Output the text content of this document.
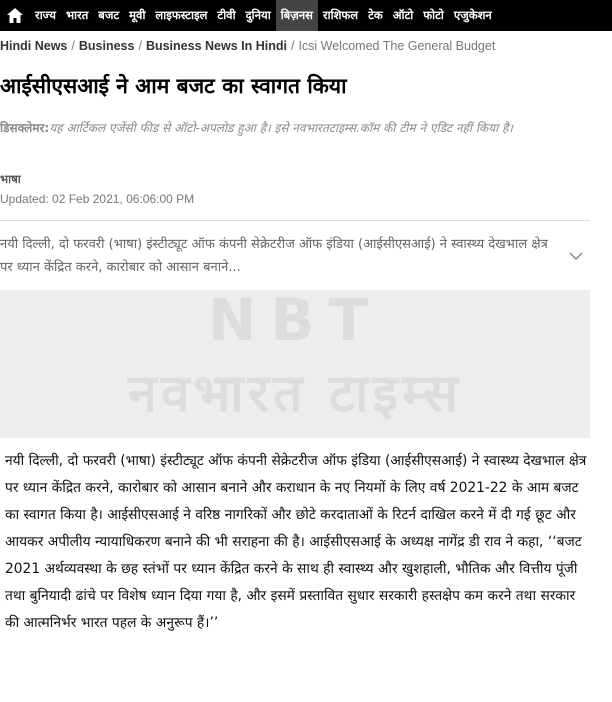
राज्य भारत बजट मूवी लाइफस्टाइल टीवी दुनिया बिज़नस राशिफल टेक ऑटो फोटो एजुकेशन
Hindi News / Business / Business News In Hindi / Icsi Welcomed The General Budget
आईसीएसआई ने आम बजट का स्वागत किया
डिसक्लेमर:यह आर्टिकल एजेंसी फीड से ऑटो-अपलोड हुआ है। इसे नवभारतटाइम्स.कॉम की टीम ने एडिट नहीं किया है।
भाषा
Updated: 02 Feb 2021, 06:06:00 PM
नयी दिल्ली, दो फरवरी (भाषा) इंस्टीट्यूट ऑफ कंपनी सेक्रेटरीज ऑफ इंडिया (आईसीएसआई) ने स्वास्थ्य देखभाल क्षेत्र पर ध्यान केंद्रित करने, कारोबार को आसान बनाने...
NBT
नवभारत टाइम्स
नयी दिल्ली, दो फरवरी (भाषा) इंस्टीट्यूट ऑफ कंपनी सेक्रेटरीज ऑफ इंडिया (आईसीएसआई) ने स्वास्थ्य देखभाल क्षेत्र पर ध्यान केंद्रित करने, कारोबार को आसान बनाने और कराधान के नए नियमों के लिए वर्ष 2021-22 के आम बजट का स्वागत किया है। आईसीएसआई ने वरिष्ठ नागरिकों और छोटे करदाताओं के रिटर्न दाखिल करने में दी गई छूट और आयकर अपीलीय न्यायाधिकरण बनाने की भी सराहना की है। आईसीएसआई के अध्यक्ष नागेंद्र डी राव ने कहा, ‘‘बजट 2021 अर्थव्यवस्था के छह स्तंभों पर ध्यान केंद्रित करने के साथ ही स्वास्थ्य और खुशहाली, भौतिक और वित्तीय पूंजी तथा बुनियादी ढांचे पर विशेष ध्यान दिया गया है, और इसमें प्रस्तावित सुधार सरकारी हस्तक्षेप कम करने तथा सरकार की आत्मनिर्भर भारत पहल के अनुरूप हैं।’’
